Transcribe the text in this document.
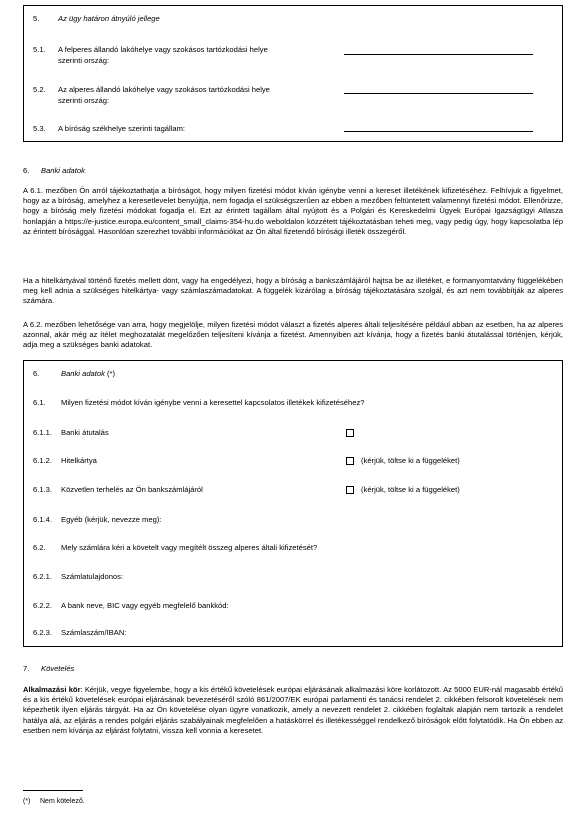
5. Az ügy határon átnyúló jellege
5.1. A felperes állandó lakóhelye vagy szokásos tartózkodási helye
szerinti ország:
5.2. Az alperes állandó lakóhelye vagy szokásos tartózkodási helye
szerinti ország:
5.3. A bíróság székhelye szerinti tagállam:
6. Banki adatok

A 6.1. mezőben Ön arról tájékoztathatja a bíróságot, hogy milyen fizetési módot kíván igénybe venni a kereset illetékének kifizetéséhez. Felhívjuk a figyelmet, hogy az a bíróság, amelyhez a keresetlevelet benyújtja, nem fogadja el szükségszerűen az ebben a mezőben feltüntetett valamennyi fizetési módot. Ellenőrizze, hogy a bíróság mely fizetési módokat fogadja el. Ezt az érintett tagállam által nyújtott és a Polgári és Kereskedelmi Ügyek Európai Igazságügyi Atlasza honlapján a https://e-justice.europa.eu/content_small_claims-354-hu.do weboldalon közzétett tájékoztatásban teheti meg, vagy pedig úgy, hogy kapcsolatba lép az érintett bírósággal. Hasonlóan szerezhet további információkat az Ön által fizetendő bírósági illeték összegéről.

Ha a hitelkártyával történő fizetés mellett dönt, vagy ha engedélyezi, hogy a bíróság a bankszámlájáról hajtsa be az illetéket, e formanyomtatvány függelékében meg kell adnia a szükséges hitelkártya- vagy számlaszámadatokat. A függelék kizárólag a bíróság tájékoztatására szolgál, és azt nem továbbítják az alperes számára.

A 6.2. mezőben lehetősége van arra, hogy megjelölje, milyen fizetési módot választ a fizetés alperes általi teljesítésére például abban az esetben, ha az alperes azonnal, akár még az ítélet meghozatalát megelőzően teljesíteni kívánja a fizetést. Amennyiben azt kívánja, hogy a fizetés banki átutalással történjen, kérjük, adja meg a szükséges banki adatokat.

6.	Banki adatok (*)
6.1. Milyen fizetési módot kíván igénybe venni a keresettel kapcsolatos illetékek kifizetéséhez?
6.1.1. Banki átutalás
6.1.2. Hitelkártya	(kérjük, töltse ki a függeléket)
6.1.3. Közvetlen terhelés az Ön bankszámlájáról	(kérjük, töltse ki a függeléket)
6.1.4. Egyéb (kérjük, nevezze meg):
6.2. Mely számlára kéri a követelt vagy megítélt összeg alperes általi kifizetését?
6.2.1. Számlatulajdonos:
6.2.2. A bank neve, BIC vagy egyéb megfelelő bankkód:
6.2.3. Számlaszám/IBAN:
7. Követelés

Alkalmazási kör: Kérjük, vegye figyelembe, hogy a kis értékű követelések európai eljárásának alkalmazási köre korlátozott. Az 5000 EUR-nál magasabb értékű és a kis értékű követelések európai eljárásának bevezetéséről szóló 861/2007/EK európai parlamenti és tanácsi rendelet 2. cikkében felsorolt követelések nem képezhetik ilyen eljárás tárgyát. Ha az Ön követelése olyan ügyre vonatkozik, amely a nevezett rendelet 2. cikkében foglaltak alapján nem tartozik a rendelet hatálya alá, az eljárás a rendes polgári eljárás szabályainak megfelelően a hatáskörrel és illetékességgel rendelkező bíróságok előtt folytatódik. Ha Ön ebben az esetben nem kívánja az eljárást folytatni, vissza kell vonnia a keresetet.

(*) Nem kötelező.
